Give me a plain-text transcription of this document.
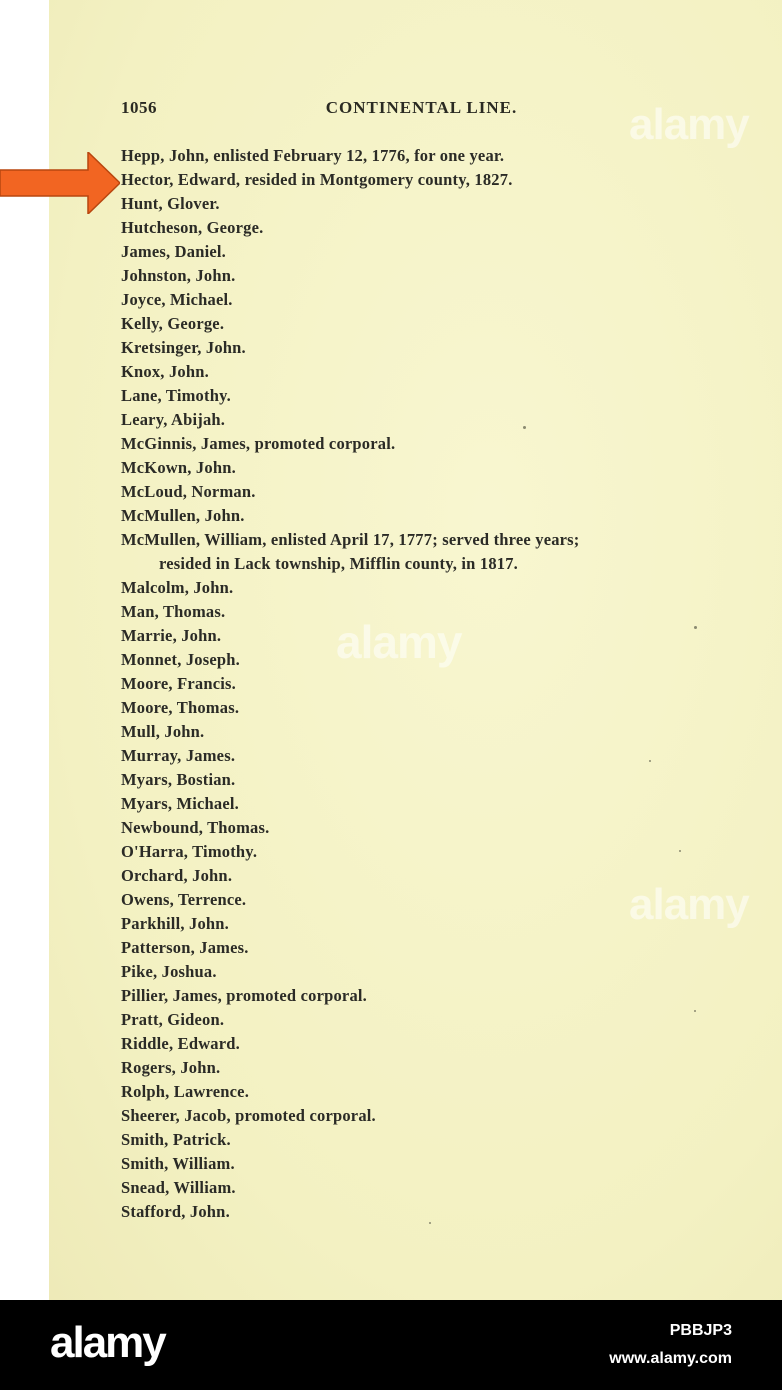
1056	CONTINENTAL LINE.
Hepp, John, enlisted February 12, 1776, for one year.
Hector, Edward, resided in Montgomery county, 1827.
Hunt, Glover.
Hutcheson, George.
James, Daniel.
Johnston, John.
Joyce, Michael.
Kelly, George.
Kretsinger, John.
Knox, John.
Lane, Timothy.
Leary, Abijah.
McGinnis, James, promoted corporal.
McKown, John.
McLoud, Norman.
McMullen, John.
McMullen, William, enlisted April 17, 1777; served three years;
resided in Lack township, Mifflin county, in 1817.
Malcolm, John.
Man, Thomas.
Marrie, John.
Monnet, Joseph.
Moore, Francis.
Moore, Thomas.
Mull, John.
Murray, James.
Myars, Bostian.
Myars, Michael.
Newbound, Thomas.
O'Harra, Timothy.
Orchard, John.
Owens, Terrence.
Parkhill, John.
Patterson, James.
Pike, Joshua.
Pillier, James, promoted corporal.
Pratt, Gideon.
Riddle, Edward.
Rogers, John.
Rolph, Lawrence.
Sheerer, Jacob, promoted corporal.
Smith, Patrick.
Smith, William.
Snead, William.
Stafford, John.
alamy
alamy
alamy
alamy	PBBJP3
www.alamy.com
